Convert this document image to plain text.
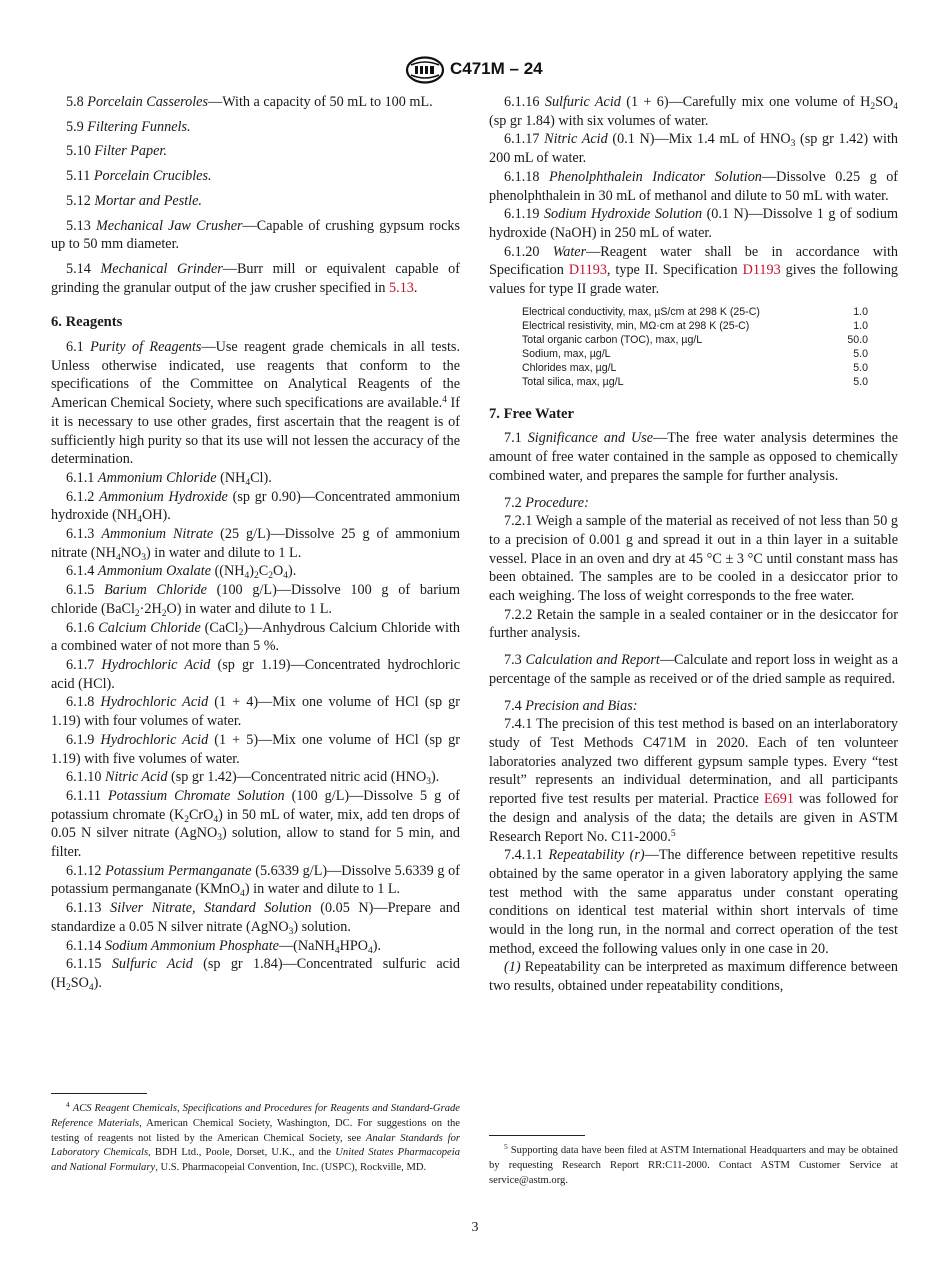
C471M – 24

5.8 Porcelain Casseroles—With a capacity of 50 mL to 100 mL.

5.9 Filtering Funnels.

5.10 Filter Paper.

5.11 Porcelain Crucibles.

5.12 Mortar and Pestle.

5.13 Mechanical Jaw Crusher—Capable of crushing gypsum rocks up to 50 mm diameter.

5.14 Mechanical Grinder—Burr mill or equivalent capable of grinding the granular output of the jaw crusher specified in 5.13.

6. Reagents

6.1 Purity of Reagents—Use reagent grade chemicals in all tests. Unless otherwise indicated, use reagents that conform to the specifications of the Committee on Analytical Reagents of the American Chemical Society, where such specifications are available.$^4$ If it is necessary to use other grades, first ascertain that the reagent is of sufficiently high purity so that its use will not lessen the accuracy of the determination.

6.1.1 Ammonium Chloride $(NH_4Cl)$.

6.1.2 Ammonium Hydroxide (sp gr 0.90)—Concentrated ammonium hydroxide $(NH_4OH)$.

6.1.3 Ammonium Nitrate (25 g/L)—Dissolve 25 g of ammonium nitrate $(NH_4NO_3)$ in water and dilute to 1 L.

6.1.4 Ammonium Oxalate $((NH_4)_2C_2O_4)$.

6.1.5 Barium Chloride (100 g/L)—Dissolve 100 g of barium chloride $(BaCl_2\cdot 2H_2O)$ in water and dilute to 1 L.

6.1.6 Calcium Chloride (CaCl$_2$)—Anhydrous Calcium Chloride with a combined water of not more than 5 %.

6.1.7 Hydrochloric Acid (sp gr 1.19)—Concentrated hydrochloric acid (HCl).

6.1.8 Hydrochloric Acid (1 + 4)—Mix one volume of HCl (sp gr 1.19) with four volumes of water.

6.1.9 Hydrochloric Acid (1 + 5)—Mix one volume of HCl (sp gr 1.19) with five volumes of water.

6.1.10 Nitric Acid (sp gr 1.42)—Concentrated nitric acid $(HNO_3)$.

6.1.11 Potassium Chromate Solution (100 g/L)—Dissolve 5 g of potassium chromate $(K_2CrO_4)$ in 50 mL of water, mix, add ten drops of 0.05 N silver nitrate (AgNO$_3$) solution, allow to stand for 5 min, and filter.

6.1.12 Potassium Permanganate (5.6339 g/L)—Dissolve 5.6339 g of potassium permanganate (KMnO$_4$) in water and dilute to 1 L.

6.1.13 Silver Nitrate, Standard Solution (0.05 N)—Prepare and standardize a 0.05 N silver nitrate (AgNO$_3$) solution.

6.1.14 Sodium Ammonium $Phosphate—(NaNH_4HPO_4)$.

6.1.15 Sulfuric Acid (sp gr 1.84)—Concentrated sulfuric acid $(H_2SO_4)$.

6.1.16 Sulfuric Acid (1 + 6)—Carefully mix one volume of $H_2SO_4$ (sp gr 1.84) with six volumes of water.

6.1.17 Nitric Acid (0.1 N)—Mix 1.4 mL of $HNO_3$ (sp gr 1.42) with 200 mL of water.

6.1.18 Phenolphthalein Indicator Solution—Dissolve 0.25 g of phenolphthalein in 30 mL of methanol and dilute to 50 mL with water.

6.1.19 Sodium Hydroxide Solution (0.1 N)—Dissolve 1 g of sodium hydroxide (NaOH) in 250 mL of water.

6.1.20 Water—Reagent water shall be in accordance with Specification D1193, type II. Specification D1193 gives the following values for type II grade water.

Electrical conductivity, max, µS/cm at 298 K (25-C)	1.0
Electrical resistivity, min, MΩ·cm at 298 K (25-C)	1.0
Total organic carbon (TOC), max, µg/L	50.0
Sodium, max, µg/L	5.0
Chlorides max, µg/L	5.0
Total silica, max, µg/L	5.0

7. Free Water

7.1 Significance and Use—The free water analysis determines the amount of free water contained in the sample as opposed to chemically combined water, and prepares the sample for further analysis.

7.2 Procedure:

7.2.1 Weigh a sample of the material as received of not less than 50 g to a precision of 0.001 g and spread it out in a thin layer in a suitable vessel. Place in an oven and dry at 45 °C ± 3 °C until constant mass has been obtained. The samples are to be cooled in a desiccator prior to each weighing. The loss of weight corresponds to the free water.

7.2.2 Retain the sample in a sealed container or in the desiccator for further analysis.

7.3 Calculation and Report—Calculate and report loss in weight as a percentage of the sample as received or of the dried sample as required.

7.4 Precision and Bias:

7.4.1 The precision of this test method is based on an interlaboratory study of Test Methods C471M in 2020. Each of ten volunteer laboratories analyzed two different gypsum sample types. Every “test result” represents an individual determination, and all participants reported five test results per material. Practice E691 was followed for the design and analysis of the data; the details are given in ASTM Research Report No. C11-2000.$^5$

7.4.1.1 Repeatability (r)—The difference between repetitive results obtained by the same operator in a given laboratory applying the same test method with the same apparatus under constant operating conditions on identical test material within short intervals of time would in the long run, in the normal and correct operation of the test method, exceed the following values only in one case in 20.

(1) Repeatability can be interpreted as maximum difference between two results, obtained under repeatability conditions,

$^4$ ACS Reagent Chemicals, Specifications and Procedures for Reagents and Standard-Grade Reference Materials, American Chemical Society, Washington, DC. For suggestions on the testing of reagents not listed by the American Chemical Society, see Analar Standards for Laboratory Chemicals, BDH Ltd., Poole, Dorset, U.K., and the United States Pharmacopeia and National Formulary, U.S. Pharmacopeial Convention, Inc. (USPC), Rockville, MD.

$^5$ Supporting data have been filed at ASTM International Headquarters and may be obtained by requesting Research Report RR:C11-2000. Contact ASTM Customer Service at service@astm.org.

3
